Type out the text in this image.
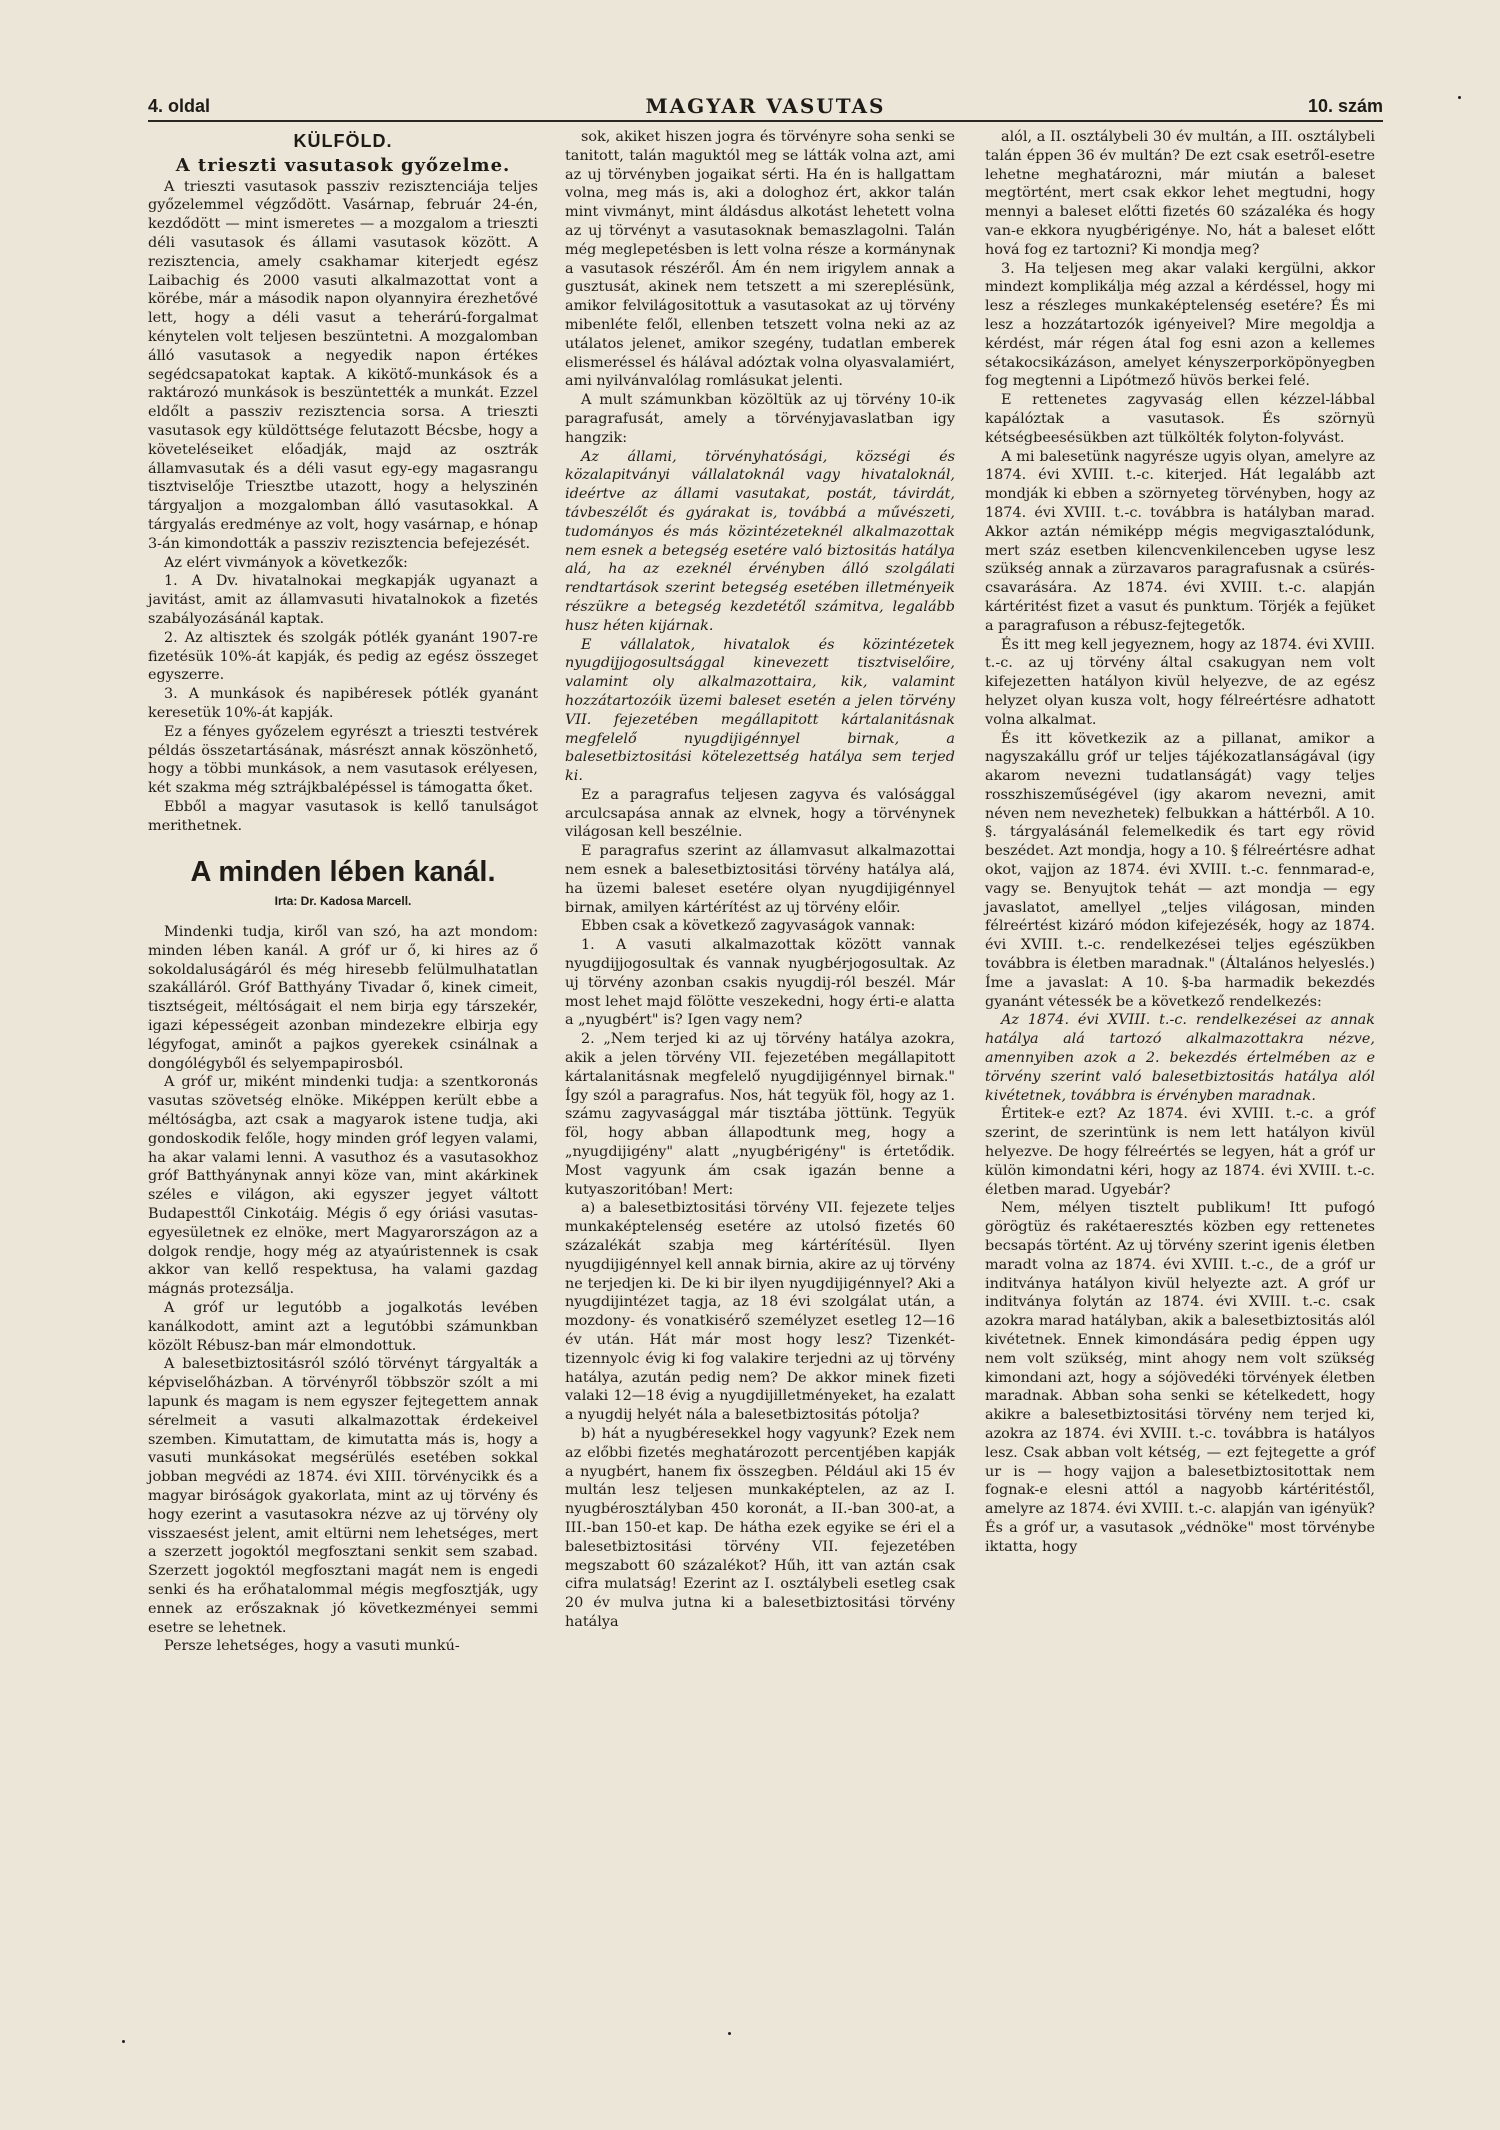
4. oldal	MAGYAR VASUTAS	10. szám
KÜLFÖLD.
A trieszti vasutasok győzelme.

A trieszti vasutasok passziv rezisztenciája teljes győzelemmel végződött. Vasárnap, február 24-én, kezdődött — mint ismeretes — a mozgalom a trieszti déli vasutasok és állami vasutasok között. A rezisztencia, amely csakhamar kiterjedt egész Laibachig és 2000 vasuti alkalmazottat vont a körébe, már a második napon olyannyira érezhetővé lett, hogy a déli vasut a teherárú-forgalmat kénytelen volt teljesen beszüntetni. A mozgalomban álló vasutasok a negyedik napon értékes segédcsapatokat kaptak. A kikötő-munkások és a raktározó munkások is beszüntették a munkát. Ezzel eldőlt a passziv rezisztencia sorsa. A trieszti vasutasok egy küldöttsége felutazott Bécsbe, hogy a követeléseiket előadják, majd az osztrák államvasutak és a déli vasut egy-egy magasrangu tisztviselője Triesztbe utazott, hogy a helyszinén tárgyaljon a mozgalomban álló vasutasokkal. A tárgyalás eredménye az volt, hogy vasárnap, e hónap 3-án kimondották a passziv rezisztencia befejezését.

Az elért vivmányok a következők:

1. A Dv. hivatalnokai megkapják ugyanazt a javitást, amit az államvasuti hivatalnokok a fizetés szabályozásánál kaptak.

2. Az altisztek és szolgák pótlék gyanánt 1907-re fizetésük 10%-át kapják, és pedig az egész összeget egyszerre.

3. A munkások és napibéresek pótlék gyanánt keresetük 10%-át kapják.

Ez a fényes győzelem egyrészt a trieszti testvérek példás összetartásának, másrészt annak köszönhető, hogy a többi munkások, a nem vasutasok erélyesen, két szakma még sztrájkbalépéssel is támogatta őket.

Ebből a magyar vasutasok is kellő tanulságot merithetnek.

A minden lében kanál.
Irta: Dr. Kadosa Marcell.

Mindenki tudja, kiről van szó, ha azt mondom: minden lében kanál. A gróf ur ő, ki hires az ő sokoldaluságáról és még hiresebb felülmulhatatlan szakálláról. Gróf Batthyány Tivadar ő, kinek cimeit, tisztségeit, méltóságait el nem birja egy társzekér, igazi képességeit azonban mindezekre elbirja egy légyfogat, aminőt a pajkos gyerekek csinálnak a dongólégyből és selyempapirosból.

A gróf ur, miként mindenki tudja: a szentkoronás vasutas szövetség elnöke. Miképpen került ebbe a méltóságba, azt csak a magyarok istene tudja, aki gondoskodik felőle, hogy minden gróf legyen valami, ha akar valami lenni. A vasuthoz és a vasutasokhoz gróf Batthyánynak annyi köze van, mint akárkinek széles e világon, aki egyszer jegyet váltott Budapesttől Cinkotáig. Mégis ő egy óriási vasutas-egyesületnek ez elnöke, mert Magyarországon az a dolgok rendje, hogy még az atyaúristennek is csak akkor van kellő respektusa, ha valami gazdag mágnás protezsálja.

A gróf ur legutóbb a jogalkotás levében kanálkodott, amint azt a legutóbbi számunkban közölt Rébusz-ban már elmondottuk.

A balesetbiztositásról szóló törvényt tárgyalták a képviselőházban. A törvényről többször szólt a mi lapunk és magam is nem egyszer fejtegettem annak sérelmeit a vasuti alkalmazottak érdekeivel szemben. Kimutattam, de kimutatta más is, hogy a vasuti munkásokat megsérülés esetében sokkal jobban megvédi az 1874. évi XIII. törvénycikk és a magyar biróságok gyakorlata, mint az uj törvény és hogy ezerint a vasutasokra nézve az uj törvény oly visszaesést jelent, amit eltürni nem lehetséges, mert a szerzett jogoktól megfosztani senkit sem szabad. Szerzett jogoktól megfosztani magát nem is engedi senki és ha erőhatalommal mégis megfosztják, ugy ennek az erőszaknak jó következményei semmi esetre se lehetnek.

Persze lehetséges, hogy a vasuti munkú-

sok, akiket hiszen jogra és törvényre soha senki se tanitott, talán maguktól meg se látták volna azt, ami az uj törvényben jogaikat sérti. Ha én is hallgattam volna, meg más is, aki a dologhoz ért, akkor talán mint vivmányt, mint áldásdus alkotást lehetett volna az uj törvényt a vasutasoknak bemaszlagolni. Talán még meglepetésben is lett volna része a kormánynak a vasutasok részéről. Ám én nem irigylem annak a gusztusát, akinek nem tetszett a mi szereplésünk, amikor felvilágositottuk a vasutasokat az uj törvény mibenléte felől, ellenben tetszett volna neki az az utálatos jelenet, amikor szegény, tudatlan emberek elismeréssel és hálával adóztak volna olyasvalamiért, ami nyilvánvalólag romlásukat jelenti.

A mult számunkban közöltük az uj törvény 10-ik paragrafusát, amely a törvényjavaslatban igy hangzik:

Az állami, törvényhatósági, községi és közalapitványi vállalatoknál vagy hivataloknál, ideértve az állami vasutakat, postát, távirdát, távbeszélőt és gyárakat is, továbbá a művészeti, tudományos és más közintézeteknél alkalmazottak nem esnek a betegség esetére való biztositás hatálya alá, ha az ezeknél érvényben álló szolgálati rendtartások szerint betegség esetében illetményeik részükre a betegség kezdetétől számitva, legalább husz héten kijárnak.

E vállalatok, hivatalok és közintézetek nyugdijjogosultsággal kinevezett tisztviselőire, valamint oly alkalmazottaira, kik, valamint hozzátartozóik üzemi baleset esetén a jelen törvény VII. fejezetében megállapitott kártalanitásnak megfelelő nyugdijigénnyel birnak, a balesetbiztositási kötelezettség hatálya sem terjed ki.

Ez a paragrafus teljesen zagyva és valósággal arculcsapása annak az elvnek, hogy a törvénynek világosan kell beszélnie.

E paragrafus szerint az államvasut alkalmazottai nem esnek a balesetbiztositási törvény hatálya alá, ha üzemi baleset esetére olyan nyugdijigénnyel birnak, amilyen kártérítést az uj törvény előir.

Ebben csak a következő zagyvaságok vannak:

1. A vasuti alkalmazottak között vannak nyugdijjogosultak és vannak nyugbérjogosultak. Az uj törvény azonban csakis nyugdij-ról beszél. Már most lehet majd fölötte veszekedni, hogy érti-e alatta a „nyugbért" is? Igen vagy nem?

2. „Nem terjed ki az uj törvény hatálya azokra, akik a jelen törvény VII. fejezetében megállapitott kártalanitásnak megfelelő nyugdijigénnyel birnak." Így szól a paragrafus. Nos, hát tegyük föl, hogy az 1. számu zagyvasággal már tisztába jöttünk. Tegyük föl, hogy abban állapodtunk meg, hogy a „nyugdijigény" alatt „nyugbérigény" is értetődik. Most vagyunk ám csak igazán benne a kutyaszoritóban! Mert:

a) a balesetbiztositási törvény VII. fejezete teljes munkaképtelenség esetére az utolsó fizetés 60 százalékát szabja meg kártérítésül. Ilyen nyugdijigénnyel kell annak birnia, akire az uj törvény ne terjedjen ki. De ki bir ilyen nyugdijigénnyel? Aki a nyugdijintézet tagja, az 18 évi szolgálat után, a mozdony- és vonatkisérő személyzet esetleg 12—16 év után. Hát már most hogy lesz? Tizenkét-tizennyolc évig ki fog valakire terjedni az uj törvény hatálya, azután pedig nem? De akkor minek fizeti valaki 12—18 évig a nyugdijilletményeket, ha ezalatt a nyugdij helyét nála a balesetbiztositás pótolja?

b) hát a nyugbéresekkel hogy vagyunk? Ezek nem az előbbi fizetés meghatározott percentjében kapják a nyugbért, hanem fix összegben. Például aki 15 év multán lesz teljesen munkaképtelen, az az I. nyugbérosztályban 450 koronát, a II.-ban 300-at, a III.-ban 150-et kap. De hátha ezek egyike se éri el a balesetbiztositási törvény VII. fejezetében megszabott 60 százalékot? Hűh, itt van aztán csak cifra mulatság! Ezerint az I. osztálybeli esetleg csak 20 év mulva jutna ki a balesetbiztositási törvény hatálya

alól, a II. osztálybeli 30 év multán, a III. osztálybeli talán éppen 36 év multán? De ezt csak esetről-esetre lehetne meghatározni, már miután a baleset megtörtént, mert csak ekkor lehet megtudni, hogy mennyi a baleset előtti fizetés 60 százaléka és hogy van-e ekkora nyugbérigénye. No, hát a baleset előtt hová fog ez tartozni? Ki mondja meg?

3. Ha teljesen meg akar valaki kergülni, akkor mindezt komplikálja még azzal a kérdéssel, hogy mi lesz a részleges munkaképtelenség esetére? És mi lesz a hozzátartozók igényeivel? Mire megoldja a kérdést, már régen átal fog esni azon a kellemes sétakocsikázáson, amelyet kényszerporköpönyegben fog megtenni a Lipótmező hüvös berkei felé.

E rettenetes zagyvaság ellen kézzel-lábbal kapálóztak a vasutasok. És szörnyü kétségbeesésükben azt tülkölték folyton-folyvást.

A mi balesetünk nagyrésze ugyis olyan, amelyre az 1874. évi XVIII. t.-c. kiterjed. Hát legalább azt mondják ki ebben a szörnyeteg törvényben, hogy az 1874. évi XVIII. t.-c. továbbra is hatályban marad. Akkor aztán némiképp mégis megvigasztalódunk, mert száz esetben kilencvenkilenceben ugyse lesz szükség annak a zürzavaros paragrafusnak a csürés-csavarására. Az 1874. évi XVIII. t.-c. alapján kártéritést fizet a vasut és punktum. Törjék a fejüket a paragrafuson a rébusz-fejtegetők.

És itt meg kell jegyeznem, hogy az 1874. évi XVIII. t.-c. az uj törvény által csakugyan nem volt kifejezetten hatályon kivül helyezve, de az egész helyzet olyan kusza volt, hogy félreértésre adhatott volna alkalmat.

És itt következik az a pillanat, amikor a nagyszakállu gróf ur teljes tájékozatlanságával (igy akarom nevezni tudatlanságát) vagy teljes rosszhiszeműségével (igy akarom nevezni, amit néven nem nevezhetek) felbukkan a háttérből. A 10. §. tárgyalásánál felemelkedik és tart egy rövid beszédet. Azt mondja, hogy a 10. § félreértésre adhat okot, vajjon az 1874. évi XVIII. t.-c. fennmarad-e, vagy se. Benyujtok tehát — azt mondja — egy javaslatot, amellyel „teljes világosan, minden félreértést kizáró módon kifejezésék, hogy az 1874. évi XVIII. t.-c. rendelkezései teljes egészükben továbbra is életben maradnak." (Általános helyeslés.) Íme a javaslat: A 10. §-ba harmadik bekezdés gyanánt vétessék be a következő rendelkezés:

Az 1874. évi XVIII. t.-c. rendelkezései az annak hatálya alá tartozó alkalmazottakra nézve, amennyiben azok a 2. bekezdés értelmében az e törvény szerint való balesetbiztositás hatálya alól kivétetnek, továbbra is érvényben maradnak.

Értitek-e ezt? Az 1874. évi XVIII. t.-c. a gróf szerint, de szerintünk is nem lett hatályon kivül helyezve. De hogy félreértés se legyen, hát a gróf ur külön kimondatni kéri, hogy az 1874. évi XVIII. t.-c. életben marad. Ugyebár?

Nem, mélyen tisztelt publikum! Itt pufogó görögtüz és rakétaeresztés közben egy rettenetes becsapás történt. Az uj törvény szerint igenis életben maradt volna az 1874. évi XVIII. t.-c., de a gróf ur inditványa hatályon kivül helyezte azt. A gróf ur inditványa folytán az 1874. évi XVIII. t.-c. csak azokra marad hatályban, akik a balesetbiztositás alól kivétetnek. Ennek kimondására pedig éppen ugy nem volt szükség, mint ahogy nem volt szükség kimondani azt, hogy a sójövedéki törvények életben maradnak. Abban soha senki se kételkedett, hogy akikre a balesetbiztositási törvény nem terjed ki, azokra az 1874. évi XVIII. t.-c. továbbra is hatályos lesz. Csak abban volt kétség, — ezt fejtegette a gróf ur is — hogy vajjon a balesetbiztositottak nem fognak-e elesni attól a nagyobb kártéritéstől, amelyre az 1874. évi XVIII. t.-c. alapján van igényük? És a gróf ur, a vasutasok „védnöke" most törvénybe iktatta, hogy
